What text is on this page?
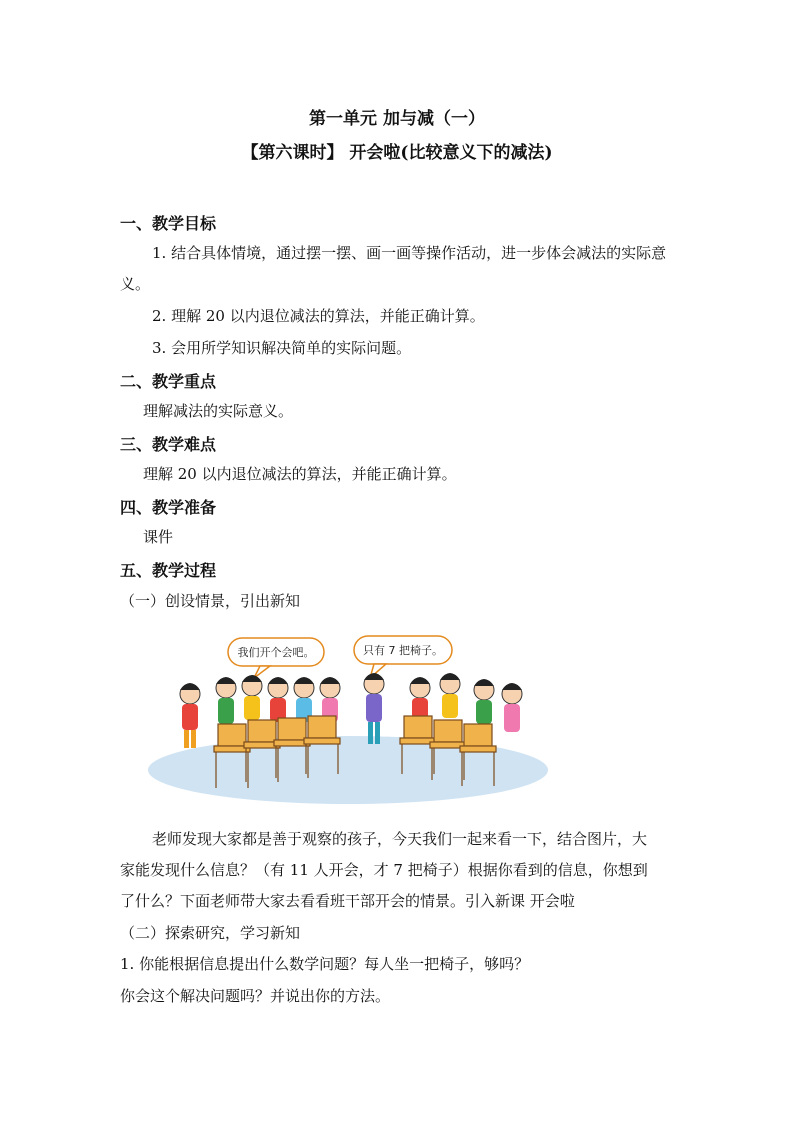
第一单元 加与减（一）
【第六课时】 开会啦(比较意义下的减法)
一、教学目标
1. 结合具体情境，通过摆一摆、画一画等操作活动，进一步体会减法的实际意
义。
2. 理解 20 以内退位减法的算法，并能正确计算。
3. 会用所学知识解决简单的实际问题。
二、教学重点
理解减法的实际意义。
三、教学难点
理解 20 以内退位减法的算法，并能正确计算。
四、教学准备
课件
五、教学过程
（一）创设情景，引出新知
我们开个会吧。	只有 7 把椅子。
老师发现大家都是善于观察的孩子，今天我们一起来看一下，结合图片，大
家能发现什么信息？（有 11 人开会，才 7 把椅子）根据你看到的信息，你想到
了什么？下面老师带大家去看看班干部开会的情景。引入新课 开会啦
（二）探索研究，学习新知
1. 你能根据信息提出什么数学问题？每人坐一把椅子，够吗？
你会这个解决问题吗？并说出你的方法。
